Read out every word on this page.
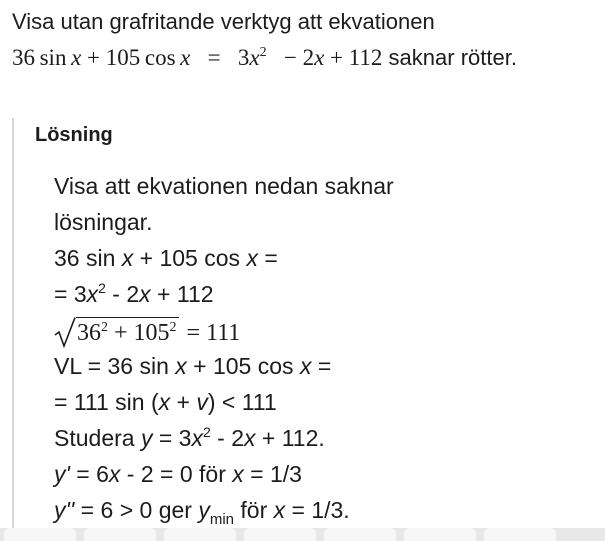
Visa utan grafritande verktyg att ekvationen
36  sin  x + 105  cos  x   =  $3x^2$   − 2x + 112 saknar rötter.
Lösning
Visa att ekvationen nedan saknar
lösningar.
36 sin x + 105 cos x =
= $3x^2 - 2x + 112$
$36^2 + 105^2 = 111$
VL = 36 sin x + 105 cos x =
= 111 sin (x + v) < 111
Studera $y = 3x^2 - 2x + 112$.
y' = 6x - 2 = 0 för x = 1/3
y'' = 6 > 0 ger $y_{min}$ för x = 1/3.
